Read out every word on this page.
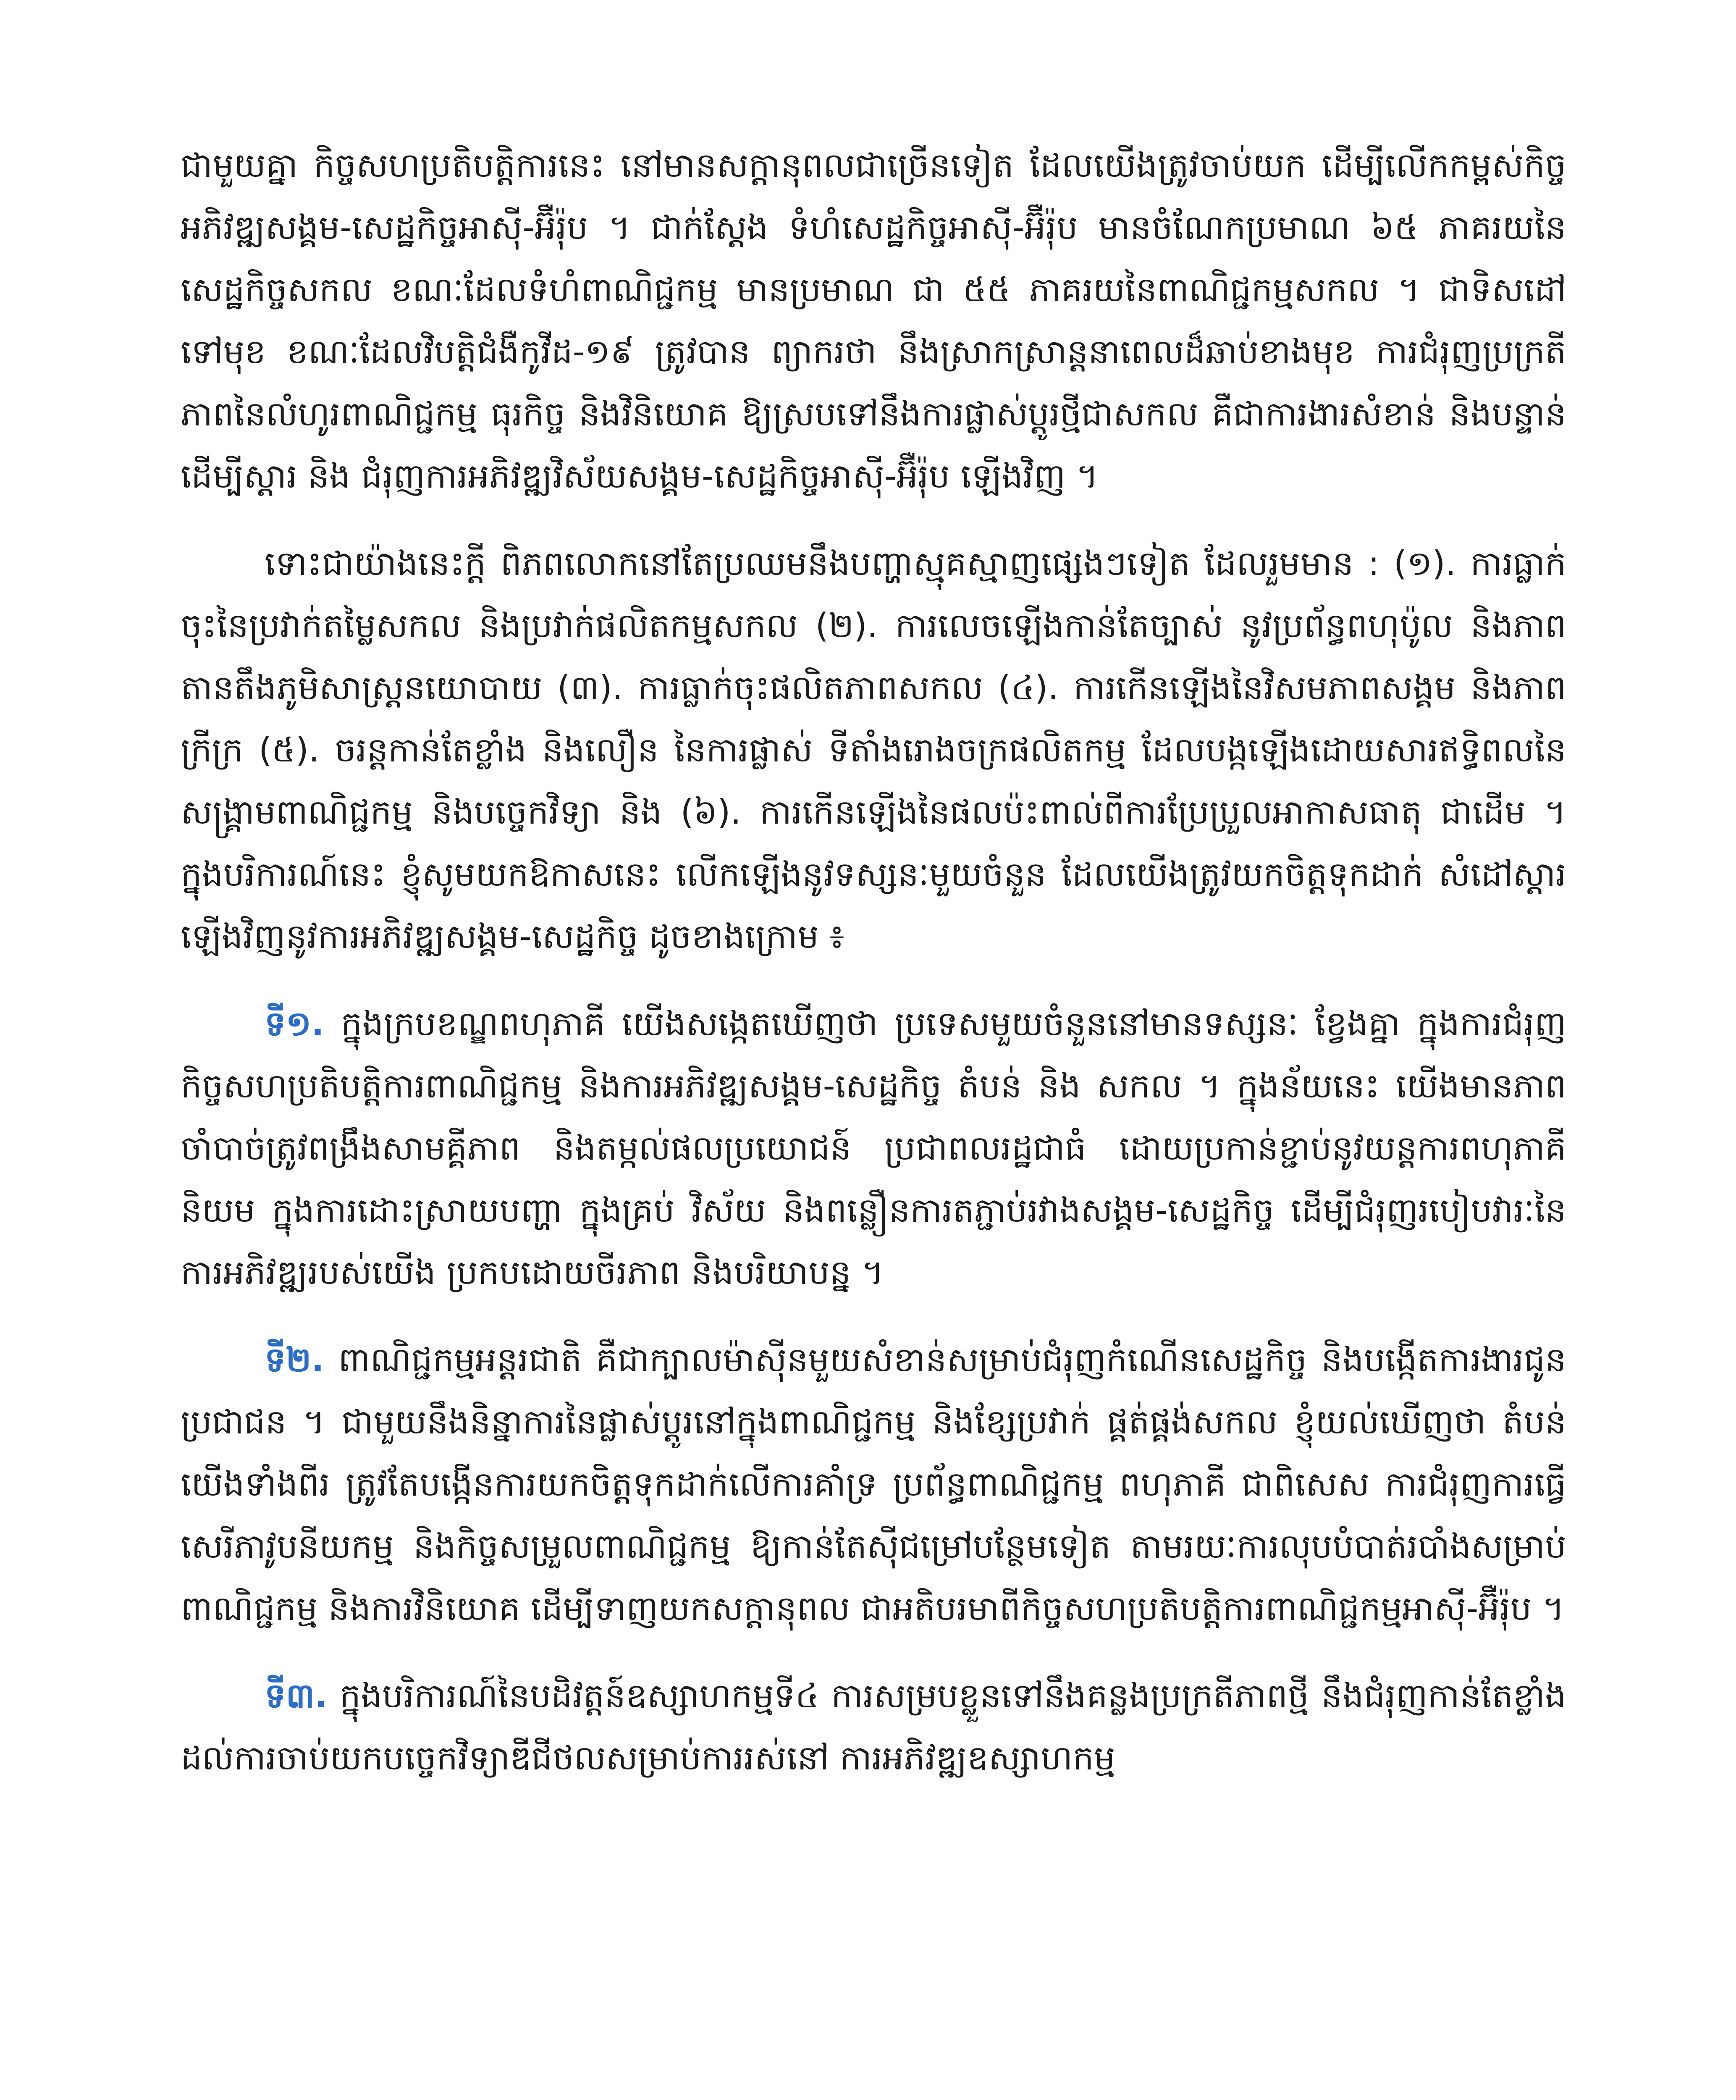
ជាមួយគ្នា កិច្ចសហប្រតិបត្តិការនេះ នៅមានសក្តានុពលជាច្រើនទៀត ដែលយើងត្រូវចាប់យក ដើម្បីលើកកម្ពស់កិច្ចអភិវឌ្ឍសង្គម-សេដ្ឋកិច្ចអាស៊ី-អ៊ឺរ៉ុប ។ ជាក់ស្តែង ទំហំសេដ្ឋកិច្ចអាស៊ី-អ៊ឺរ៉ុប មានចំណែកប្រមាណ ៦៥ ភាគរយនៃសេដ្ឋកិច្ចសកល ខណៈដែលទំហំពាណិជ្ជកម្ម មានប្រមាណ ជា ៥៥ ភាគរយនៃពាណិជ្ជកម្មសកល ។ ជាទិសដៅទៅមុខ ខណៈដែលវិបត្តិជំងឺកូវីដ-១៩ ត្រូវបាន ព្យាករថា នឹងស្រាកស្រាន្តនាពេលដ៏ឆាប់ខាងមុខ ការជំរុញប្រក្រតីភាពនៃលំហូរពាណិជ្ជកម្ម ធុរកិច្ច និងវិនិយោគ ឱ្យស្របទៅនឹងការផ្លាស់ប្តូរថ្មីជាសកល គឺជាការងារសំខាន់ និងបន្ទាន់ ដើម្បីស្តារ និង ជំរុញការអភិវឌ្ឍវិស័យសង្គម-សេដ្ឋកិច្ចអាស៊ី-អ៊ឺរ៉ុប ឡើងវិញ ។

ទោះជាយ៉ាងនេះក្តី ពិភពលោកនៅតែប្រឈមនឹងបញ្ហាស្មុគស្មាញផ្សេងៗទៀត ដែលរួមមាន : (១). ការធ្លាក់ចុះនៃប្រវាក់តម្លៃសកល និងប្រវាក់ផលិតកម្មសកល (២). ការលេចឡើងកាន់តែច្បាស់ នូវប្រព័ន្ធពហុប៉ូល និងភាពតានតឹងភូមិសាស្ត្រនយោបាយ (៣). ការធ្លាក់ចុះផលិតភាពសកល (៤). ការកើនឡើងនៃវិសមភាពសង្គម និងភាពក្រីក្រ (៥). ចរន្តកាន់តែខ្លាំង និងលឿន នៃការផ្លាស់ ទីតាំងរោងចក្រផលិតកម្ម ដែលបង្កឡើងដោយសារឥទ្ធិពលនៃសង្គ្រាមពាណិជ្ជកម្ម និងបច្ចេកវិទ្យា និង (៦). ការកើនឡើងនៃផលប៉ះពាល់ពីការប្រែប្រួលអាកាសធាតុ ជាដើម ។ ក្នុងបរិការណ៍នេះ ខ្ញុំសូមយកឱកាសនេះ លើកឡើងនូវទស្សនៈមួយចំនួន ដែលយើងត្រូវយកចិត្តទុកដាក់ សំដៅស្តារ ឡើងវិញនូវការអភិវឌ្ឍសង្គម-សេដ្ឋកិច្ច ដូចខាងក្រោម ៖

ទី១. ក្នុងក្របខណ្ឌពហុភាគី យើងសង្កេតឃើញថា ប្រទេសមួយចំនួននៅមានទស្សនៈ ខ្វែងគ្នា ក្នុងការជំរុញកិច្ចសហប្រតិបត្តិការពាណិជ្ជកម្ម និងការអភិវឌ្ឍសង្គម-សេដ្ឋកិច្ច តំបន់ និង សកល ។ ក្នុងន័យនេះ យើងមានភាពចាំបាច់ត្រូវពង្រឹងសាមគ្គីភាព និងតម្កល់ផលប្រយោជន៍ ប្រជាពលរដ្ឋជាធំ ដោយប្រកាន់ខ្ជាប់នូវយន្តការពហុភាគីនិយម ក្នុងការដោះស្រាយបញ្ហា ក្នុងគ្រប់ វិស័យ និងពន្លឿនការតភ្ជាប់រវាងសង្គម-សេដ្ឋកិច្ច ដើម្បីជំរុញរបៀបវារៈនៃការអភិវឌ្ឍរបស់យើង ប្រកបដោយចីរភាព និងបរិយាបន្ន ។

ទី២. ពាណិជ្ជកម្មអន្តរជាតិ គឺជាក្បាលម៉ាស៊ីនមួយសំខាន់សម្រាប់ជំរុញកំណើនសេដ្ឋកិច្ច និងបង្កើតការងារជូនប្រជាជន ។ ជាមួយនឹងនិន្នាការនៃផ្លាស់ប្តូរនៅក្នុងពាណិជ្ជកម្ម និងខ្សែប្រវាក់ ផ្គត់ផ្គង់សកល ខ្ញុំយល់ឃើញថា តំបន់យើងទាំងពីរ ត្រូវតែបង្កើនការយកចិត្តទុកដាក់លើការគាំទ្រ ប្រព័ន្ធពាណិជ្ជកម្ម ពហុភាគី ជាពិសេស ការជំរុញការធ្វើសេរីភាវូបនីយកម្ម និងកិច្ចសម្រួលពាណិជ្ជកម្ម ឱ្យកាន់តែស៊ីជម្រៅបន្ថែមទៀត តាមរយៈការលុបបំបាត់របាំងសម្រាប់ពាណិជ្ជកម្ម និងការវិនិយោគ ដើម្បីទាញយកសក្តានុពល ជាអតិបរមាពីកិច្ចសហប្រតិបត្តិការពាណិជ្ជកម្មអាស៊ី-អ៊ឺរ៉ុប ។

ទី៣. ក្នុងបរិការណ៍នៃបដិវត្តន៍ឧស្សាហកម្មទី៤ ការសម្របខ្លួនទៅនឹងគន្លងប្រក្រតីភាពថ្មី នឹងជំរុញកាន់តែខ្លាំងដល់ការចាប់យកបច្ចេកវិទ្យាឌីជីថលសម្រាប់ការរស់នៅ ការអភិវឌ្ឍឧស្សាហកម្ម
